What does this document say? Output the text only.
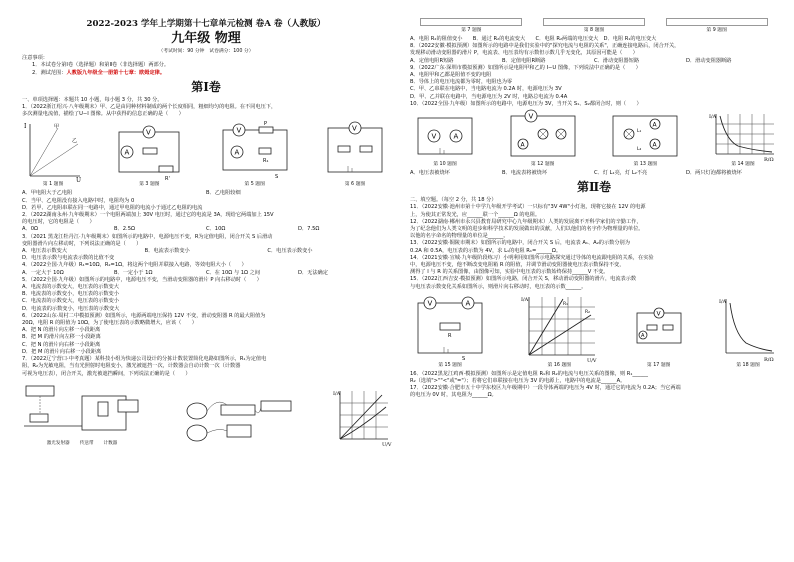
2022-2023 学年上学期第十七章单元检测 卷A 卷（人教版）
九年级 物理
（考试时间：90 分钟　试卷满分：100 分）
注意事项：
1．本试卷分第Ⅰ卷（选择题）和第Ⅱ卷（非选择题）两部分。
2．测试范围：人教版九年级全一册第十七章：欧姆定律。
第Ⅰ卷
一、单项选择题：本题共 10 小题，每小题 3 分，共 30 分。
1．（2022浙江绍兴·八年级期末）甲、乙是由同种材料制成的两个长度相同，粗细均匀的电阻。在不同电压下，
多次测量电流值，描绘了U−I 图像。从中获得的信息正确的是（　　）
I
U
甲
乙
第 1 题图
V
A
R'
第 3 题图
V
P
A
R₁
S
第 5 题图
V
第 6 题图
A．甲电阻大于乙电阻	B．乙电阻较细
C．当甲、乙电阻没有接入电路中时，电阻均为 0
D．若甲、乙电阻串联在同一电路中，通过甲电阻的电流小于通过乙电阻的电流
2．（2022湖南永州·九年级期末）一个电阻两端加上 30V 电压时，通过它的电流是 3A，现给它两端加上 15V
的电压时，它的电阻是（　　）
A．0Ω	B．2.5Ω	C．10Ω	D．7.5Ω
3．（2021 黑龙江牡丹江·九年级期末）如图所示的电路中，电源电压不变，R为定值电阻，闭合开关 S 后滑动
变阻器滑片向左移动时，下列说法正确的是（　　）
A．电压表示数变大	B．电流表示数变小	C．电压表示数变小
D．电压表示数与电流表示数的比值不变
4．（2022全国·九年级）R₁=10Ω，R₂=1Ω，将这两个电阻并联接入电路，等效电阻大小（　　）
A．一定大于 10Ω	B．一定小于 1Ω	C．在 10Ω 与 1Ω 之间	D．无法确定
5．（2022全国·九年级）如图所示的电路中，电源电压不变，当滑动变阻器的滑片 P 向右移动时（　　）
A．电流表的示数变大，电压表的示数变大
B．电流表的示数变小，电压表的示数变小
C．电流表的示数变大，电压表的示数变小
D．电流表的示数变小，电压表的示数变大
6．（2022山东·周村二中模拟预测）如图所示，电源两端电压保持 12V 不变，滑动变阻器 R 的最大阻值为
20Ω，电阻 R 的阻值为 10Ω，为了使电压表的示数略微增大，应该（　　）
A．把 N 的滑片向左移一小段距离
B．把 M 的滑片向左移一小段距离
C．把 N 的滑片向右移一小段距离
D．把 M 的滑片向右移一小段距离
7．（2022辽宁营口·中考真题）某科技小组为快递公司设计的分拣计数装置简化电路如图所示，R₁为定值电
阻，R₂为光敏电阻，当有光照射时电阻变小，激光被遮挡一次，计数器会自动计数一次（计数器
可视为电压表），闭合开关，激光被遮挡瞬间，下列说法正确的是（　　）
激光发射器 传送带 计数器
I/A
U/V
第 7 题图	第 8 题图	第 9 题图
A．电阻 R₂的阻值变小　　B．通过 R₂的电流变大　　C．电阻 R₂两端的电压变大　D．电阻 R₁的电压变大
8．（2022安徽·模拟预测）如图所示的电路中是我们实验中的"探究电流与电阻的关系"，正确连接电路后，闭合开关，
发现移动滑动变阻器的滑片 P，电流表、电压表均有示数但示数几乎无变化，其原因可能是（　　）
A．定值电阻R短路	B．定值电阻R断路	C．滑动变阻器短路	D．滑动变阻器断路
9．（2022广东·深圳市模拟预测）如图所示是电阻甲和乙的 I−U 图像，下列说法中正确的是（　　）
A．电阻甲和乙都是阻值不变的电阻
B．导体上的电压电流都为零时，电阻也为零
C．甲、乙串联在电路中，当电路电流为 0.2A 时，电源电压为 3V
D．甲、乙并联在电路中，当电源电压为 2V 时，电路总电流为 0.4A
10．（2022全国·九年级）如图所示的电路中，电源电压为 3V，当开关 S₁、S₂都闭合时，则（　　）
V A
第 10 题图
V
A
第 12 题图
A
A
L₁
L₂
第 13 题图
I/A
R/Ω
第 14 题图
A．电压表被烧坏	B．电流表将被烧坏	C．灯 L₁亮，灯 L₂不亮	D．两只灯泡都将被烧坏
第Ⅱ卷
二、填空题。（每空 2 分，共 18 分）
11．（2022安徽·池州市第十中学九年级开学考试）一只标有"3V 4W"小灯泡，现将它接在 12V 的电源
上，为使其正常发光，应______联一个______Ω 的电阻。
12．（2022湖南·郴州市永兴县教育局研究中心九年级期末）人类的发展离不开科学家们的辛勤工作，
为了纪念他们为人类文明的进步和科学技术的发展做出的贡献，人们以他们的名字作为物理量的单位。
以他的名字命名的物理量的单位是______。
13．（2022安徽·铜陵市期末）如图所示的电路中，闭合开关 S 后，电流表 A₁、A₂的示数分别为
0.2A 和 0.5A，电压表的示数为 4V，求 L₁的电阻 R₁=______Ω。
14．（2021安徽·宣城·九年级阶段练习）小明利用如图所示电路探究通过导体的电流跟电阻的关系，在实验
中，电源电压不变，他不断改变电阻箱 R 的阻值，并调节滑动变阻器使电压表示数保持不变，
测得了 I 与 R 的关系图像，由图像可知，实验中电压表的示数始终保持______V 不变。
15．（2022江西吉安·模拟预测）如图所示电路，闭合开关 S，移动滑动变阻器的滑片，电流表示数
与电压表示数变化关系如图所示，则滑片向右移动时，电压表的示数______。
V	A
R
S
第 15 题图
I/A
U/V
R₁
R₂
第 16 题图
V
A
第 17 题图
I/A
R/Ω
第 18 题图
16．（2022黑龙江鸡西·模拟预测）如图所示是定值电阻 R₁和 R₂的电流与电压关系的图像，则 R₁______
R₂（选填">""<"或"="）；若将它们串联接在电压为 3V 的电源上，电路中的电流是______A。
17．（2022安徽·合肥市五十中学东校区九年级期中）一段导体两端的电压为 4V 时，通过它的电流为 0.2A；当它两端
的电压为 0V 时，其电阻为______Ω。
